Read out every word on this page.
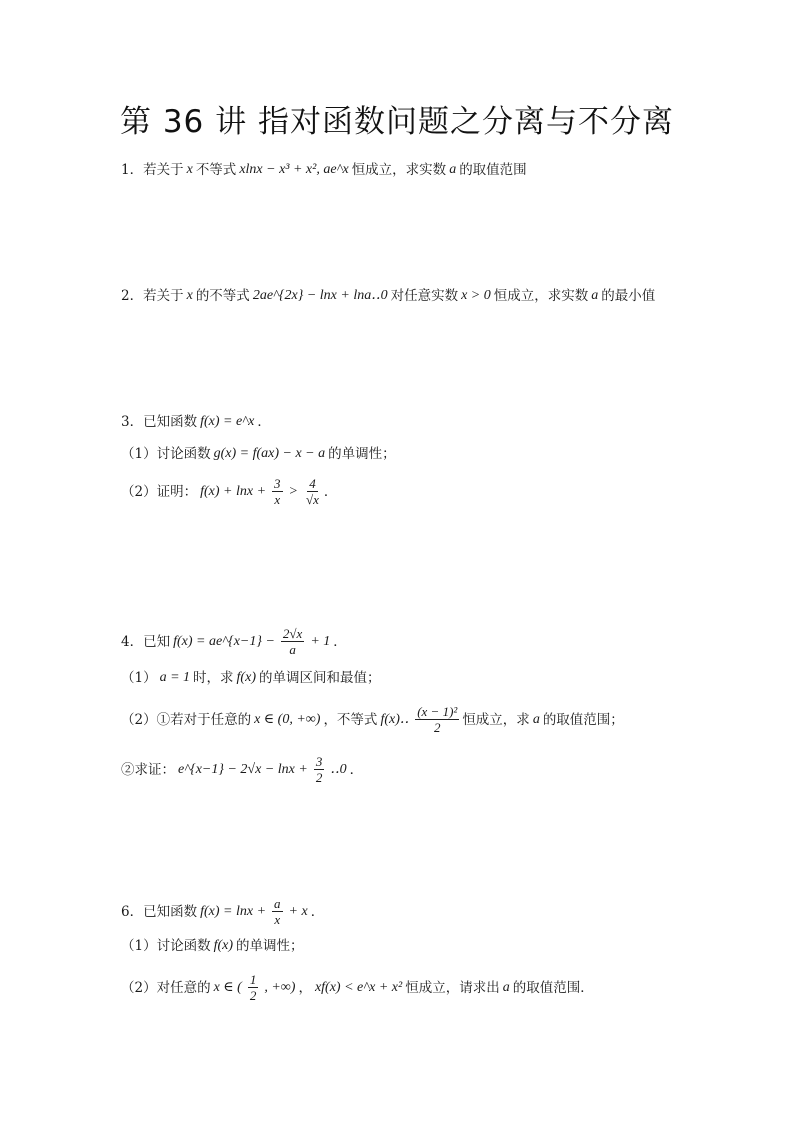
第 36 讲 指对函数问题之分离与不分离
1． 若关于 x 不等式 xlnx − x³ + x², ae^x 恒成立，求实数 a 的取值范围
2． 若关于 x 的不等式 2ae^{2x} − lnx + lna‥0 对任意实数 x > 0 恒成立，求实数 a 的最小值
3． 已知函数 f(x) = e^x ．
（1）讨论函数 g(x) = f(ax) − x − a 的单调性；
（2）证明： $f(x) + \ln x + \frac{3}{x} > \frac{4}{√x}$ ．
4． 已知 f(x) = ae^{x−1} − $\frac{2√x}{a} + 1$ ．
（1） a = 1 时，求 f(x) 的单调区间和最值；
（2）①若对于任意的 x ∈ (0, +∞) ，不等式 f(x)‥ $\frac{\text{(x − 1)²}}{2}$ 恒成立，求 a 的取值范围；
②求证： e^{x−1} − $2√x - \ln x + \frac{3}{2}$ ‥0 ．
6． 已知函数 $f(x) = \ln x + \frac{a}{x} + x$ ．
（1）讨论函数 f(x) 的单调性；
（2）对任意的 x ∈ ( $\frac{1}{2}$ , +∞) ， xf(x) < e^x + x² 恒成立，请求出 a 的取值范围．
